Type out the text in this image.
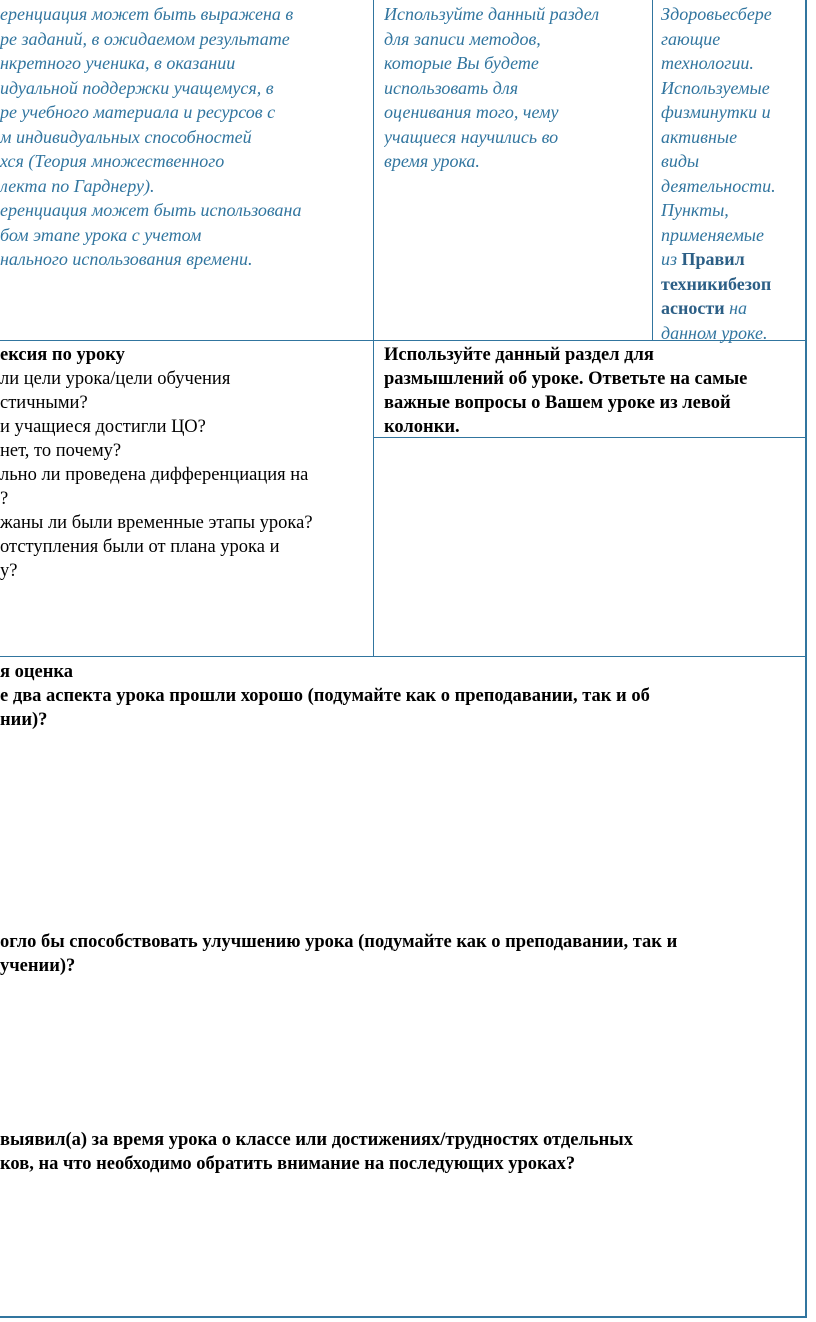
еренциация может быть выражена в
ре заданий, в ожидаемом результате
нкретного ученика, в оказании
идуальной поддержки учащемуся, в
ре учебного материала и ресурсов с
м индивидуальных способностей
хся (Теория множественного
лекта по Гарднеру).
еренциация может быть использована
бом этапе урока с учетом
нального использования времени.
Используйте данный раздел
для записи методов,
которые Вы будете
использовать для
оценивания того, чему
учащиеся научились во
время урока.
Здоровьесбере
гающие
технологии.
Используемые
физминутки и
активные
виды
деятельности.
Пункты,
применяемые
из Правил
техникибезоп
асности на
данном уроке.
ексия по уроку
ли цели урока/цели обучения
стичными?
и учащиеся достигли ЦО?
нет, то почему?
льно ли проведена дифференциация на
?
жаны ли были временные этапы урока?
отступления были от плана урока и
у?
Используйте данный раздел для
размышлений об уроке. Ответьте на самые
важные вопросы о Вашем уроке из левой
колонки.
я оценка
е два аспекта урока прошли хорошо (подумайте как о преподавании, так и об
нии)?
огло бы способствовать улучшению урока (подумайте как о преподавании, так и
учении)?
выявил(а) за время урока о классе или достижениях/трудностях отдельных
ков, на что необходимо обратить внимание на последующих уроках?
